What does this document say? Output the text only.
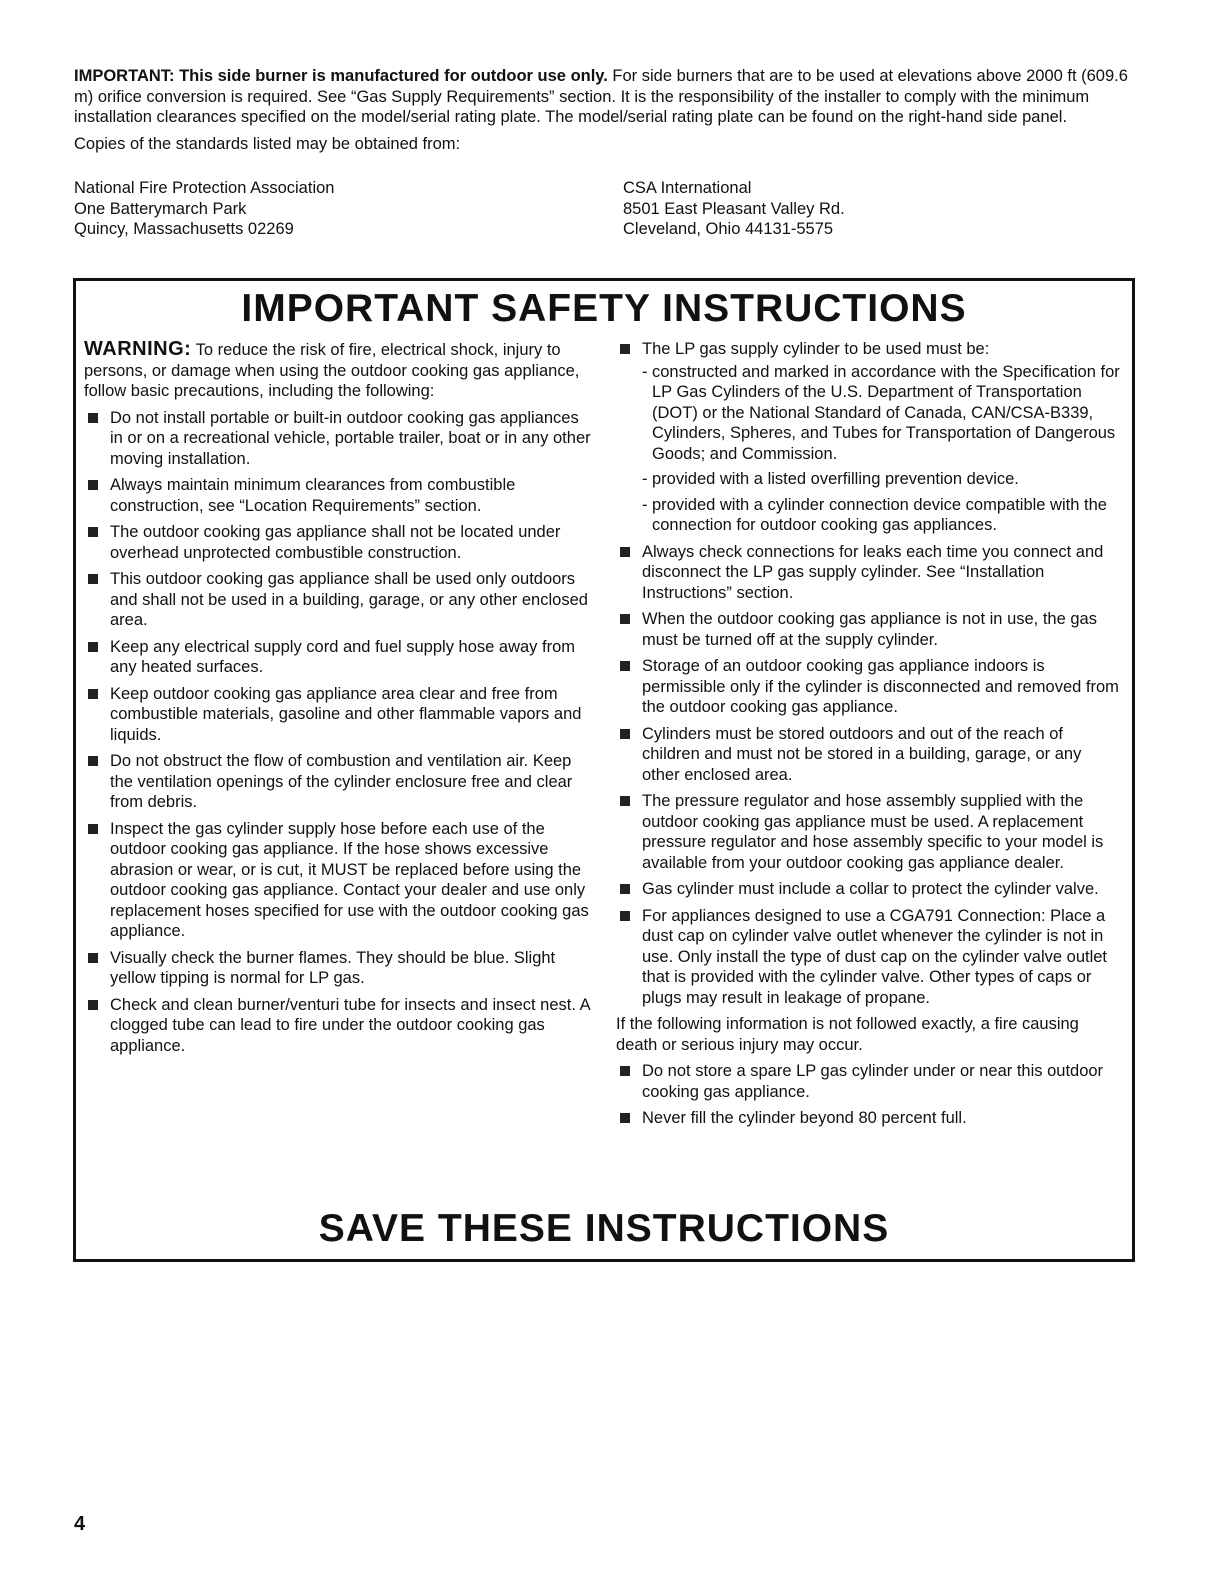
IMPORTANT: This side burner is manufactured for outdoor use only. For side burners that are to be used at elevations above 2000 ft (609.6 m) orifice conversion is required. See “Gas Supply Requirements” section. It is the responsibility of the installer to comply with the minimum installation clearances specified on the model/serial rating plate. The model/serial rating plate can be found on the right-hand side panel.

Copies of the standards listed may be obtained from:

National Fire Protection Association
One Batterymarch Park
Quincy, Massachusetts 02269
CSA International
8501 East Pleasant Valley Rd.
Cleveland, Ohio 44131-5575
IMPORTANT SAFETY INSTRUCTIONS

WARNING: To reduce the risk of fire, electrical shock, injury to persons, or damage when using the outdoor cooking gas appliance, follow basic precautions, including the following:

Do not install portable or built-in outdoor cooking gas appliances in or on a recreational vehicle, portable trailer, boat or in any other moving installation.
Always maintain minimum clearances from combustible construction, see “Location Requirements” section.
The outdoor cooking gas appliance shall not be located under overhead unprotected combustible construction.
This outdoor cooking gas appliance shall be used only outdoors and shall not be used in a building, garage, or any other enclosed area.
Keep any electrical supply cord and fuel supply hose away from any heated surfaces.
Keep outdoor cooking gas appliance area clear and free from combustible materials, gasoline and other flammable vapors and liquids.
Do not obstruct the flow of combustion and ventilation air. Keep the ventilation openings of the cylinder enclosure free and clear from debris.
Inspect the gas cylinder supply hose before each use of the outdoor cooking gas appliance. If the hose shows excessive abrasion or wear, or is cut, it MUST be replaced before using the outdoor cooking gas appliance. Contact your dealer and use only replacement hoses specified for use with the outdoor cooking gas appliance.
Visually check the burner flames. They should be blue. Slight yellow tipping is normal for LP gas.
Check and clean burner/venturi tube for insects and insect nest. A clogged tube can lead to fire under the outdoor cooking gas appliance.
The LP gas supply cylinder to be used must be:
- constructed and marked in accordance with the Specification for LP Gas Cylinders of the U.S. Department of Transportation (DOT) or the National Standard of Canada, CAN/CSA-B339, Cylinders, Spheres, and Tubes for Transportation of Dangerous Goods; and Commission.
- provided with a listed overfilling prevention device.
- provided with a cylinder connection device compatible with the connection for outdoor cooking gas appliances.
Always check connections for leaks each time you connect and disconnect the LP gas supply cylinder. See “Installation Instructions” section.
When the outdoor cooking gas appliance is not in use, the gas must be turned off at the supply cylinder.
Storage of an outdoor cooking gas appliance indoors is permissible only if the cylinder is disconnected and removed from the outdoor cooking gas appliance.
Cylinders must be stored outdoors and out of the reach of children and must not be stored in a building, garage, or any other enclosed area.
The pressure regulator and hose assembly supplied with the outdoor cooking gas appliance must be used. A replacement pressure regulator and hose assembly specific to your model is available from your outdoor cooking gas appliance dealer.
Gas cylinder must include a collar to protect the cylinder valve.
For appliances designed to use a CGA791 Connection: Place a dust cap on cylinder valve outlet whenever the cylinder is not in use. Only install the type of dust cap on the cylinder valve outlet that is provided with the cylinder valve. Other types of caps or plugs may result in leakage of propane.

If the following information is not followed exactly, a fire causing death or serious injury may occur.

Do not store a spare LP gas cylinder under or near this outdoor cooking gas appliance.
Never fill the cylinder beyond 80 percent full.
SAVE THESE INSTRUCTIONS
4
